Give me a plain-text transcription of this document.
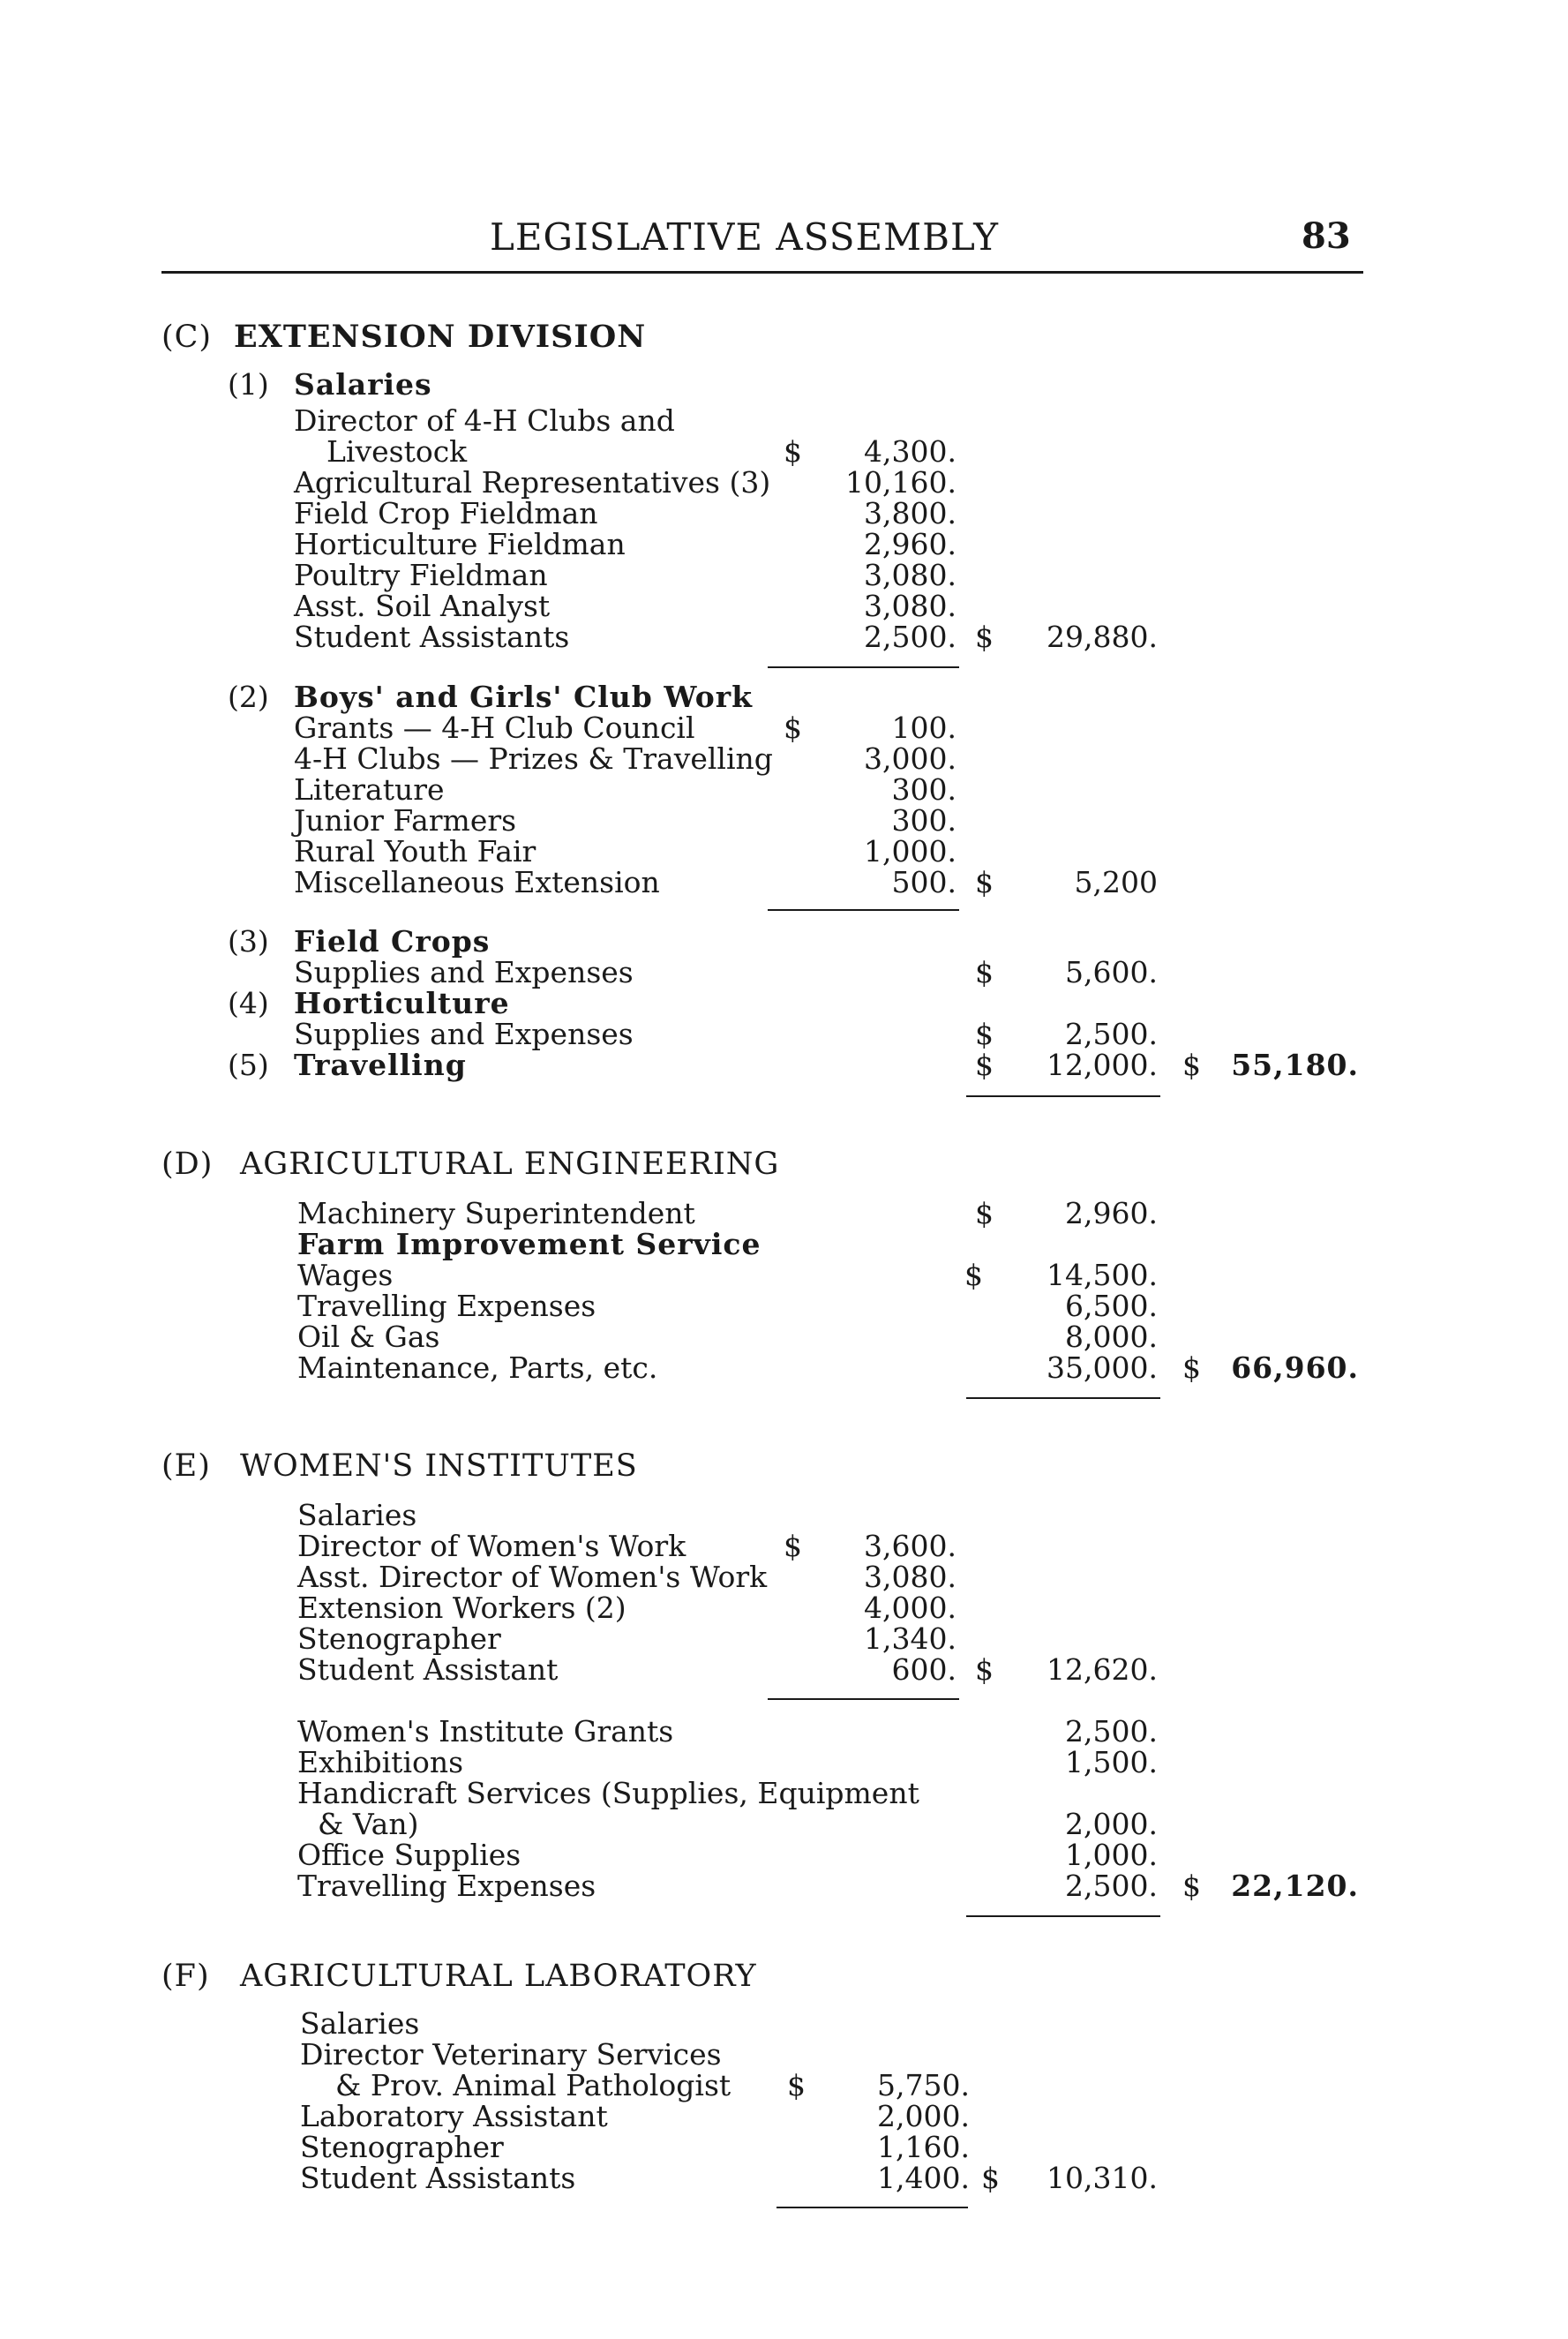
LEGISLATIVE ASSEMBLY	83
(C) EXTENSION DIVISION
(1) Salaries
Director of 4-H Clubs and
Livestock	$ 4,300.
Agricultural Representatives (3)	10,160.
Field Crop Fieldman	3,800.
Horticulture Fieldman	2,960.
Poultry Fieldman	3,080.
Asst. Soil Analyst	3,080.
Student Assistants	2,500. $ 29,880.
(2) Boys' and Girls' Club Work
Grants — 4-H Club Council	$	100.
4-H Clubs — Prizes & Travelling	3,000.
Literature	300.
Junior Farmers	300.
Rural Youth Fair	1,000.
Miscellaneous Extension	500. $	5,200
(3) Field Crops
Supplies and Expenses	$ 5,600.
(4) Horticulture
Supplies and Expenses	$ 2,500.
(5) Travelling	$ 12,000. $ 55,180.
(D) AGRICULTURAL ENGINEERING
Machinery Superintendent	$ 2,960.
Farm Improvement Service
Wages	$ 14,500.
Travelling Expenses	6,500.
Oil & Gas	8,000.
Maintenance, Parts, etc.	35,000. $ 66,960.
(E) WOMEN'S INSTITUTES
Salaries
Director of Women's Work	$ 3,600.
Asst. Director of Women's Work	3,080.
Extension Workers (2)	4,000.
Stenographer	1,340.
Student Assistant	600. $ 12,620.
Women's Institute Grants	2,500.
Exhibitions	1,500.
Handicraft Services (Supplies, Equipment
& Van)	2,000.
Office Supplies	1,000.
Travelling Expenses	2,500. $ 22,120.
(F) AGRICULTURAL LABORATORY
Salaries
Director Veterinary Services
& Prov. Animal Pathologist $ 5,750.
Laboratory Assistant	2,000.
Stenographer	1,160.
Student Assistants	1,400. $ 10,310.
